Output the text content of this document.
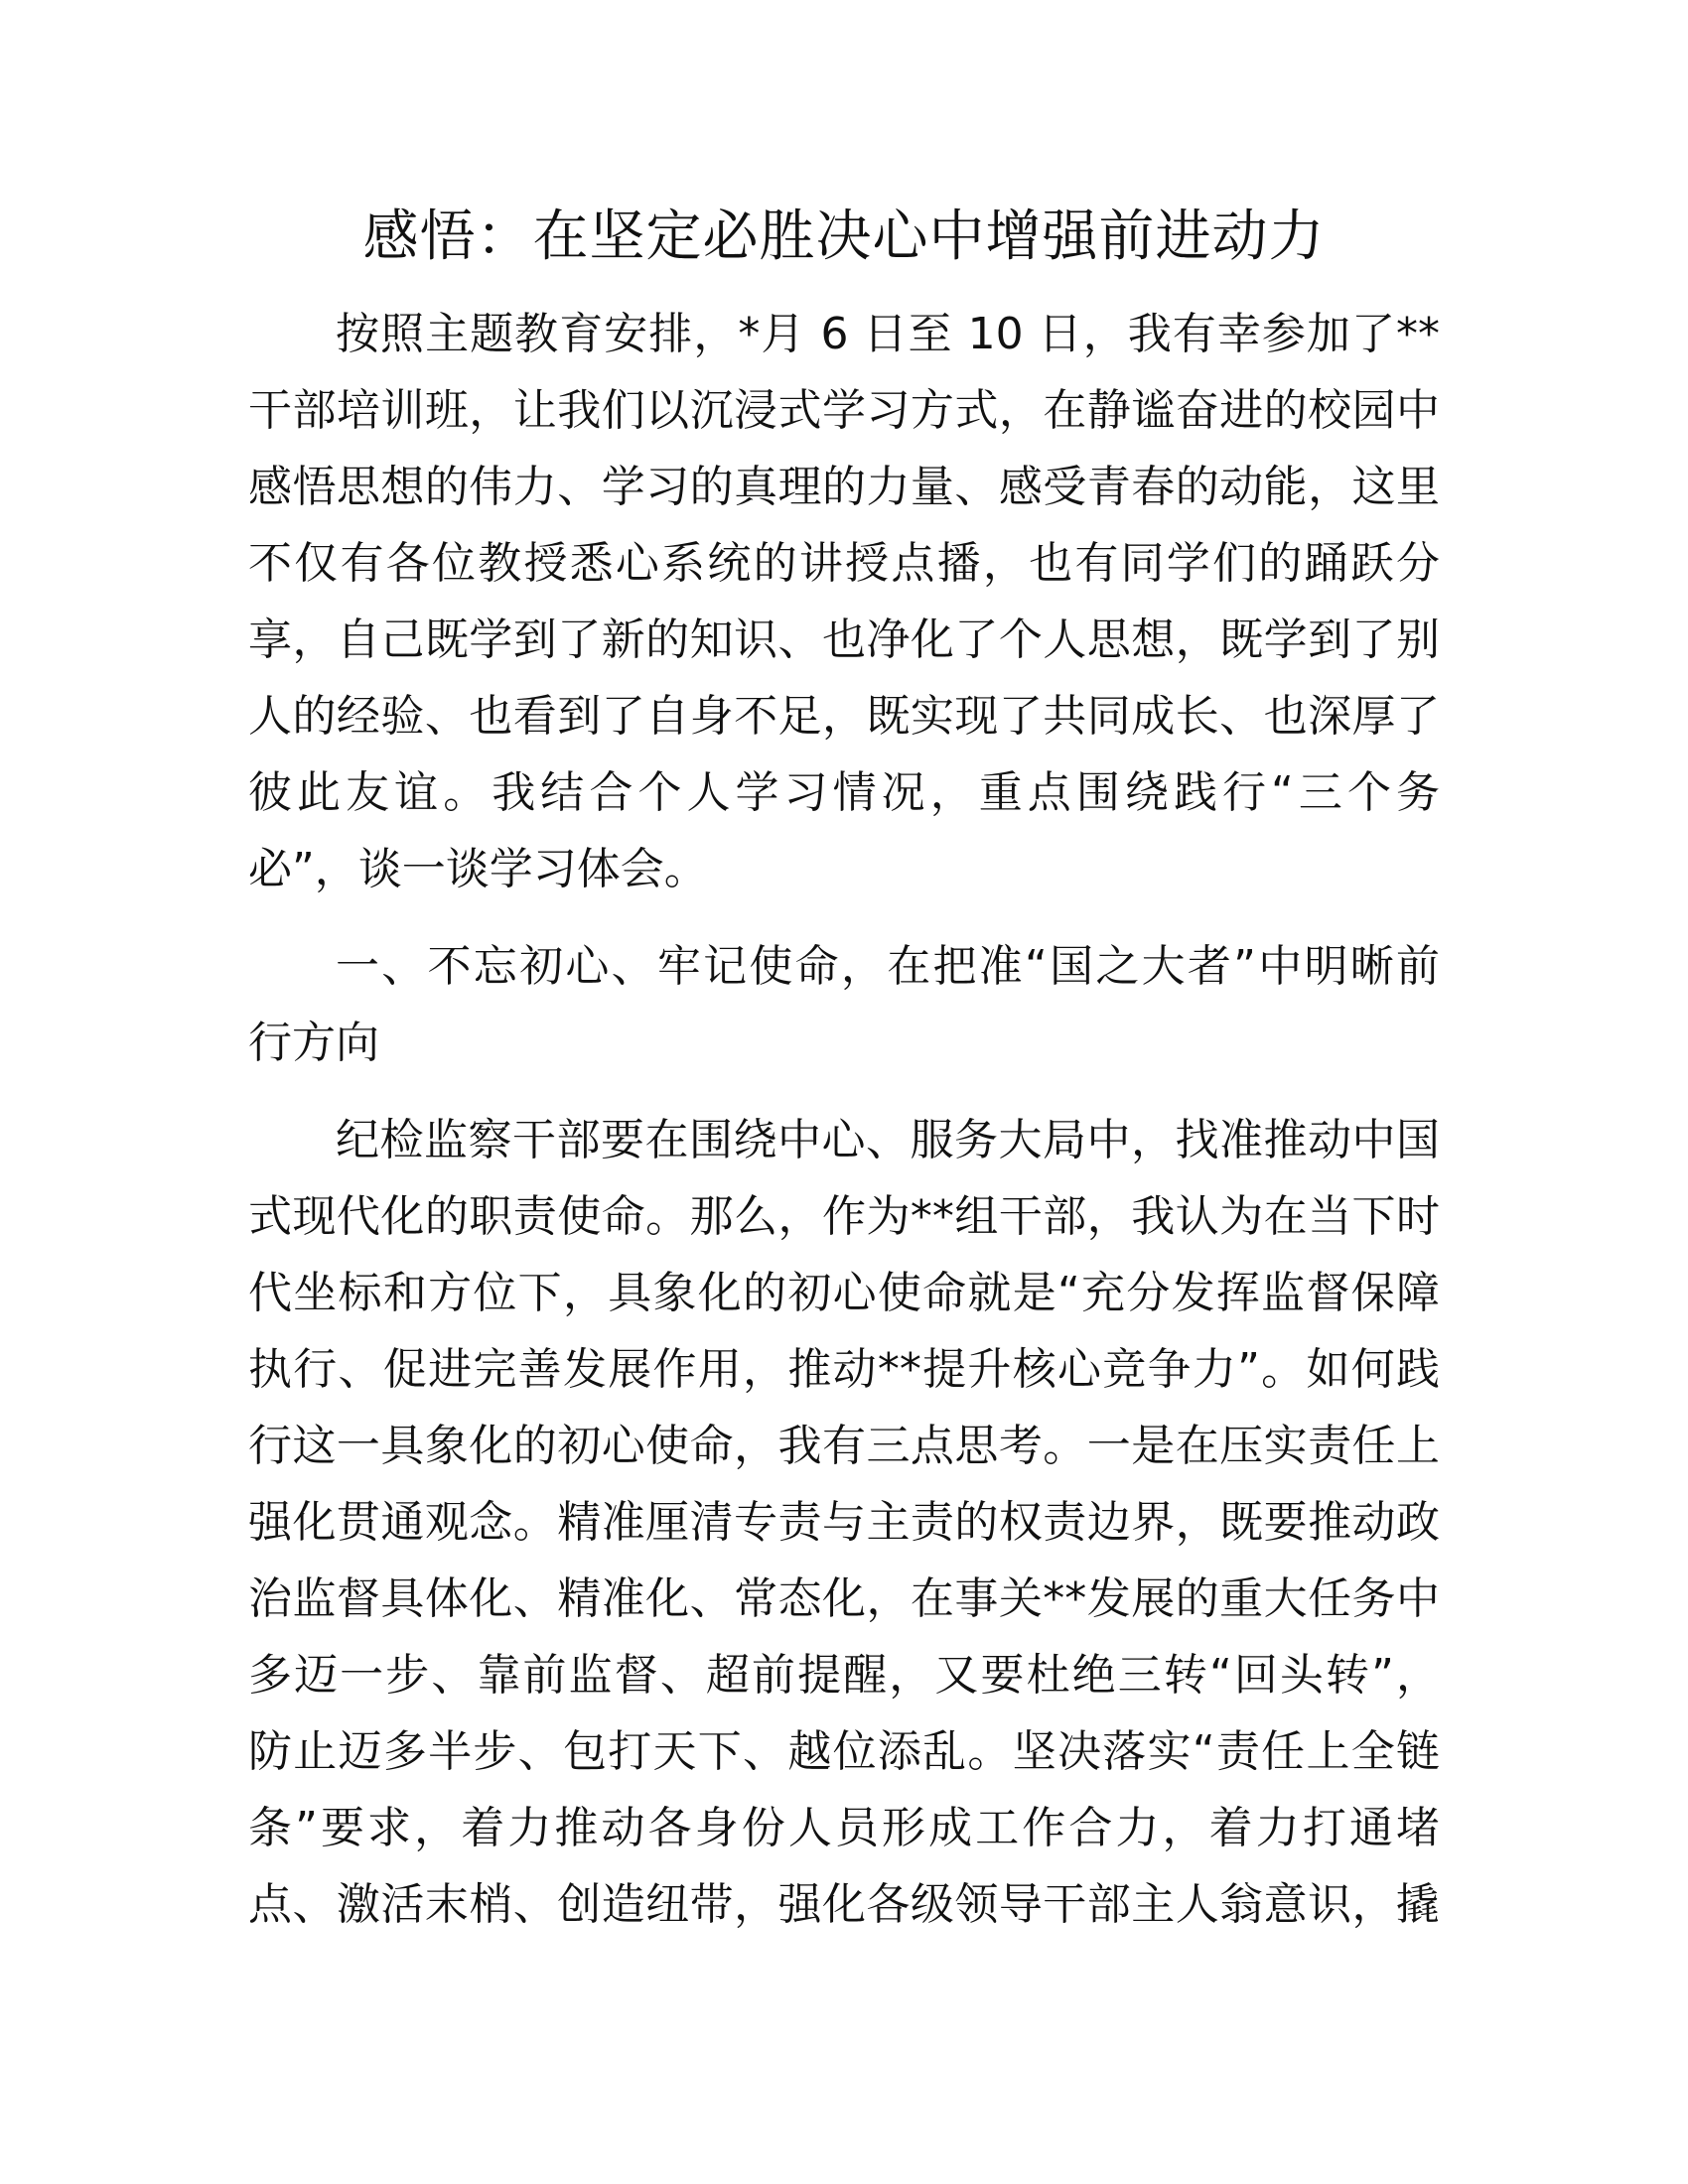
感悟：在坚定必胜决心中增强前进动力
按照主题教育安排，*月 6 日至 10 日，我有幸参加了**
干部培训班，让我们以沉浸式学习方式，在静谧奋进的校园中
感悟思想的伟力、学习的真理的力量、感受青春的动能，这里
不仅有各位教授悉心系统的讲授点播，也有同学们的踊跃分
享，自己既学到了新的知识、也净化了个人思想，既学到了别
人的经验、也看到了自身不足，既实现了共同成长、也深厚了
彼此友谊。我结合个人学习情况，重点围绕践行“三个务
必”，谈一谈学习体会。
一、不忘初心、牢记使命，在把准“国之大者”中明晰前
行方向
纪检监察干部要在围绕中心、服务大局中，找准推动中国
式现代化的职责使命。那么，作为**组干部，我认为在当下时
代坐标和方位下，具象化的初心使命就是“充分发挥监督保障
执行、促进完善发展作用，推动**提升核心竞争力”。如何践
行这一具象化的初心使命，我有三点思考。一是在压实责任上
强化贯通观念。精准厘清专责与主责的权责边界，既要推动政
治监督具体化、精准化、常态化，在事关**发展的重大任务中
多迈一步、靠前监督、超前提醒，又要杜绝三转“回头转”，
防止迈多半步、包打天下、越位添乱。坚决落实“责任上全链
条”要求，着力推动各身份人员形成工作合力，着力打通堵
点、激活末梢、创造纽带，强化各级领导干部主人翁意识，撬
